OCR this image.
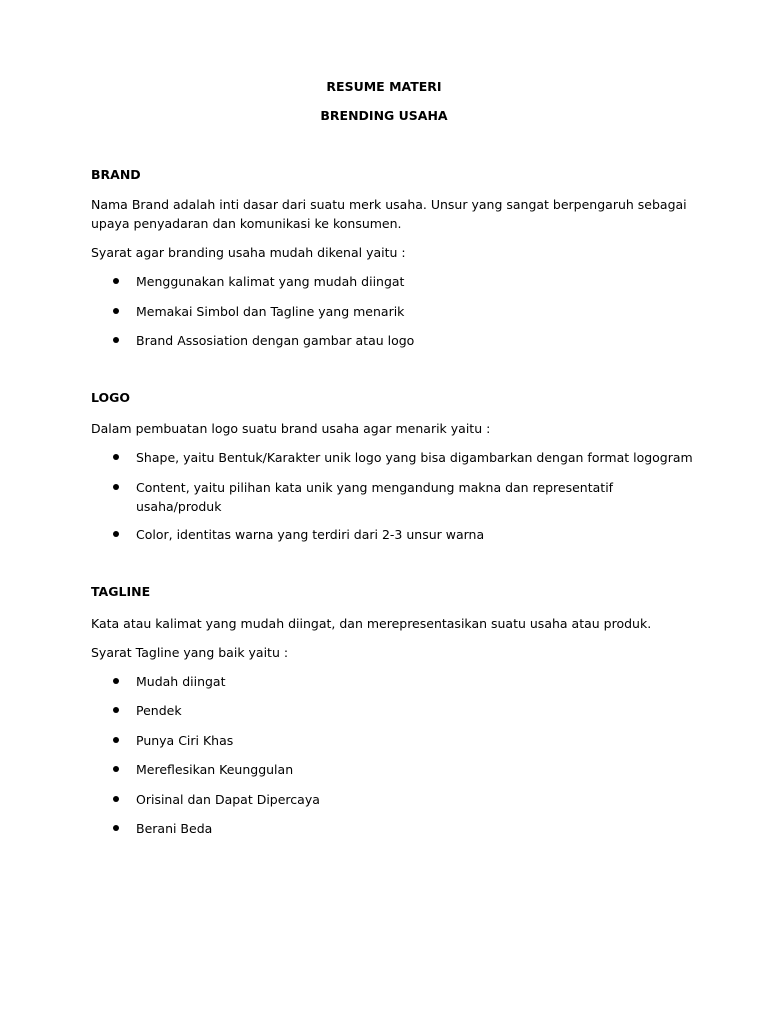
RESUME MATERI

BRENDING USAHA

BRAND

Nama Brand adalah inti dasar dari suatu merk usaha. Unsur yang sangat berpengaruh sebagai upaya penyadaran dan komunikasi ke konsumen.

Syarat agar branding usaha mudah dikenal yaitu :

Menggunakan kalimat yang mudah diingat
Memakai Simbol dan Tagline yang menarik
Brand Assosiation dengan gambar atau logo

LOGO

Dalam pembuatan logo suatu brand usaha agar menarik yaitu :

Shape, yaitu Bentuk/Karakter unik logo yang bisa digambarkan dengan format logogram
Content, yaitu pilihan kata unik yang mengandung makna dan representatif usaha/produk
Color, identitas warna yang terdiri dari 2-3 unsur warna

TAGLINE

Kata atau kalimat yang mudah diingat, dan merepresentasikan suatu usaha atau produk.

Syarat Tagline yang baik yaitu :

Mudah diingat
Pendek
Punya Ciri Khas
Mereflesikan Keunggulan
Orisinal dan Dapat Dipercaya
Berani Beda
